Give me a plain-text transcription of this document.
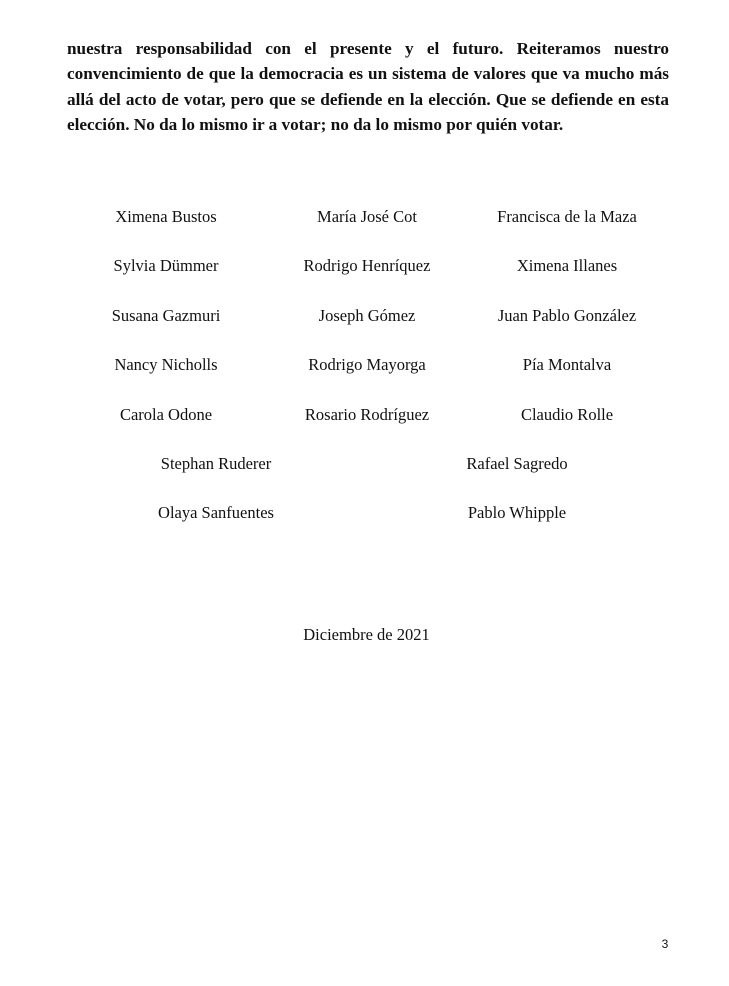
nuestra responsabilidad con el presente y el futuro. Reiteramos nuestro convencimiento de que la democracia es un sistema de valores que va mucho más allá del acto de votar, pero que se defiende en la elección. Que se defiende en esta elección. No da lo mismo ir a votar; no da lo mismo por quién votar.

Ximena Bustos	María José Cot	Francisca de la Maza
Sylvia Dümmer	Rodrigo Henríquez	Ximena Illanes
Susana Gazmuri	Joseph Gómez	Juan Pablo González
Nancy Nicholls	Rodrigo Mayorga	Pía Montalva
Carola Odone	Rosario Rodríguez	Claudio Rolle
Stephan Ruderer	Rafael Sagredo
Olaya Sanfuentes	Pablo Whipple
Diciembre de 2021
3
